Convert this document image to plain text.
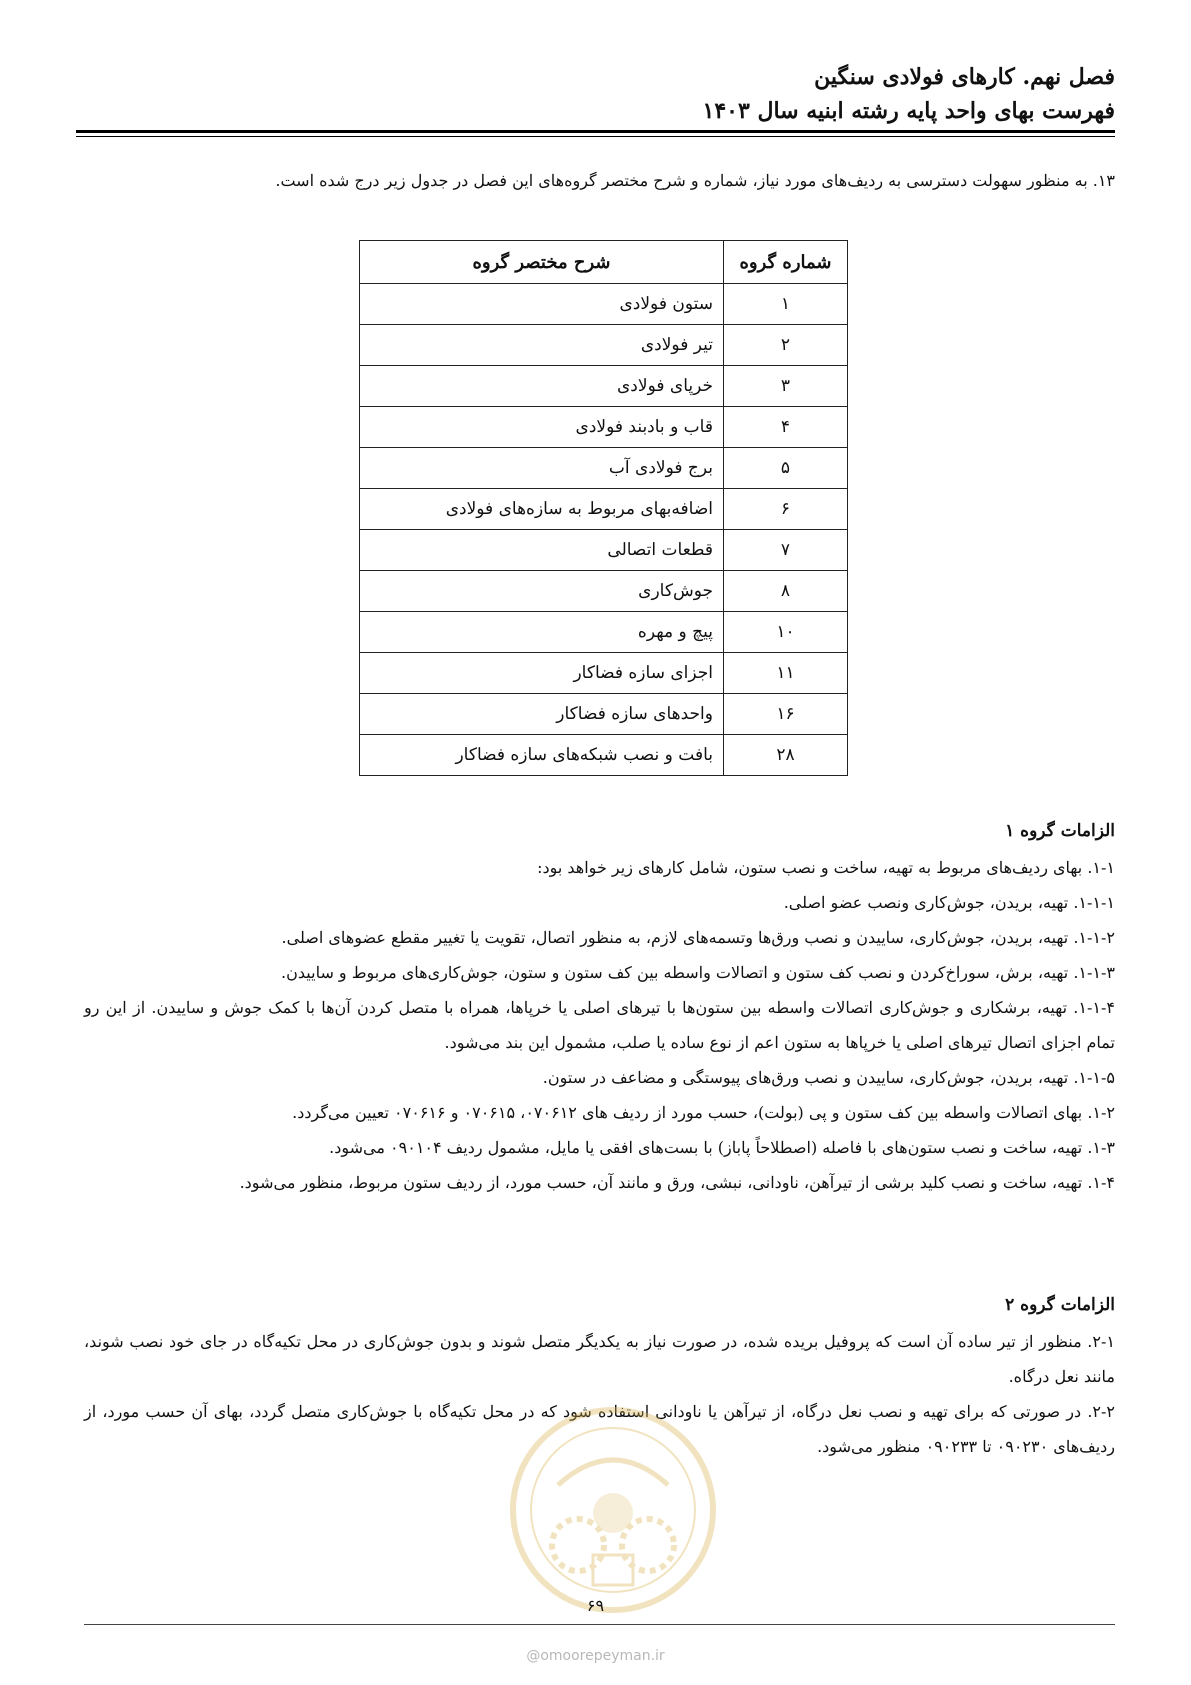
فصل نهم. کارهای فولادی سنگین
فهرست بهای واحد پایه رشته ابنیه سال ۱۴۰۳
۱۳. به منظور سهولت دسترسی به ردیف‌های مورد نیاز، شماره و شرح مختصر گروه‌های این فصل در جدول زیر درج شده است.
شماره گروه	شرح مختصر گروه
۱	ستون فولادی
۲	تیر فولادی
۳	خرپای فولادی
۴	قاب و بادبند فولادی
۵	برج فولادی آب
۶	اضافه‌بهای مربوط به سازه‌های فولادی
۷	قطعات اتصالی
۸	جوش‌کاری
۱۰	پیچ و مهره
۱۱	اجزای سازه فضاکار
۱۶	واحدهای سازه فضاکار
۲۸	بافت و نصب شبکه‌های سازه فضاکار
الزامات گروه ۱

۱-۱. بهای ردیف‌های مربوط به تهیه، ساخت و نصب ستون، شامل کارهای زیر خواهد بود:

۱-۱-۱. تهیه، بریدن، جوش‌کاری ونصب عضو اصلی.

۱-۱-۲. تهیه، بریدن، جوش‌کاری، ساییدن و نصب ورق‌ها وتسمه‌های لازم، به منظور اتصال، تقویت یا تغییر مقطع عضوهای اصلی.

۱-۱-۳. تهیه، برش، سوراخ‌کردن و نصب کف ستون و اتصالات واسطه بین کف ستون و ستون، جوش‌کاری‌های مربوط و ساییدن.

۱-۱-۴. تهیه، برشکاری و جوش‌کاری اتصالات واسطه بین ستون‌ها با تیرهای اصلی یا خرپاها، همراه با متصل کردن آن‌ها با کمک جوش و ساییدن. از این رو تمام اجزای اتصال تیرهای اصلی یا خرپاها به ستون اعم از نوع ساده یا صلب، مشمول این بند می‌شود.

۱-۱-۵. تهیه، بریدن، جوش‌کاری، ساییدن و نصب ورق‌های پیوستگی و مضاعف در ستون.

۱-۲. بهای اتصالات واسطه بین کف ستون و پی (بولت)، حسب مورد از ردیف های ۰۷۰۶۱۲، ۰۷۰۶۱۵ و ۰۷۰۶۱۶ تعیین می‌گردد.

۱-۳. تهیه، ساخت و نصب ستون‌های با فاصله (اصطلاحاً پاباز) با بست‌های افقی یا مایل، مشمول ردیف ۰۹۰۱۰۴ می‌شود.

۱-۴. تهیه، ساخت و نصب کلید برشی از تیرآهن، ناودانی، نبشی، ورق و مانند آن، حسب مورد، از ردیف ستون مربوط، منظور می‌شود.

الزامات گروه ۲

۲-۱. منظور از تیر ساده آن است که پروفیل بریده شده، در صورت نیاز به یکدیگر متصل شوند و بدون جوش‌کاری در محل تکیه‌گاه در جای خود نصب شوند، مانند نعل درگاه.

۲-۲. در صورتی که برای تهیه و نصب نعل درگاه، از تیرآهن یا ناودانی استفاده شود که در محل تکیه‌گاه با جوش‌کاری متصل گردد، بهای آن حسب مورد، از ردیف‌های ۰۹۰۲۳۰ تا ۰۹۰۲۳۳ منظور می‌شود.

۶۹
@omoorepeyman.ir
